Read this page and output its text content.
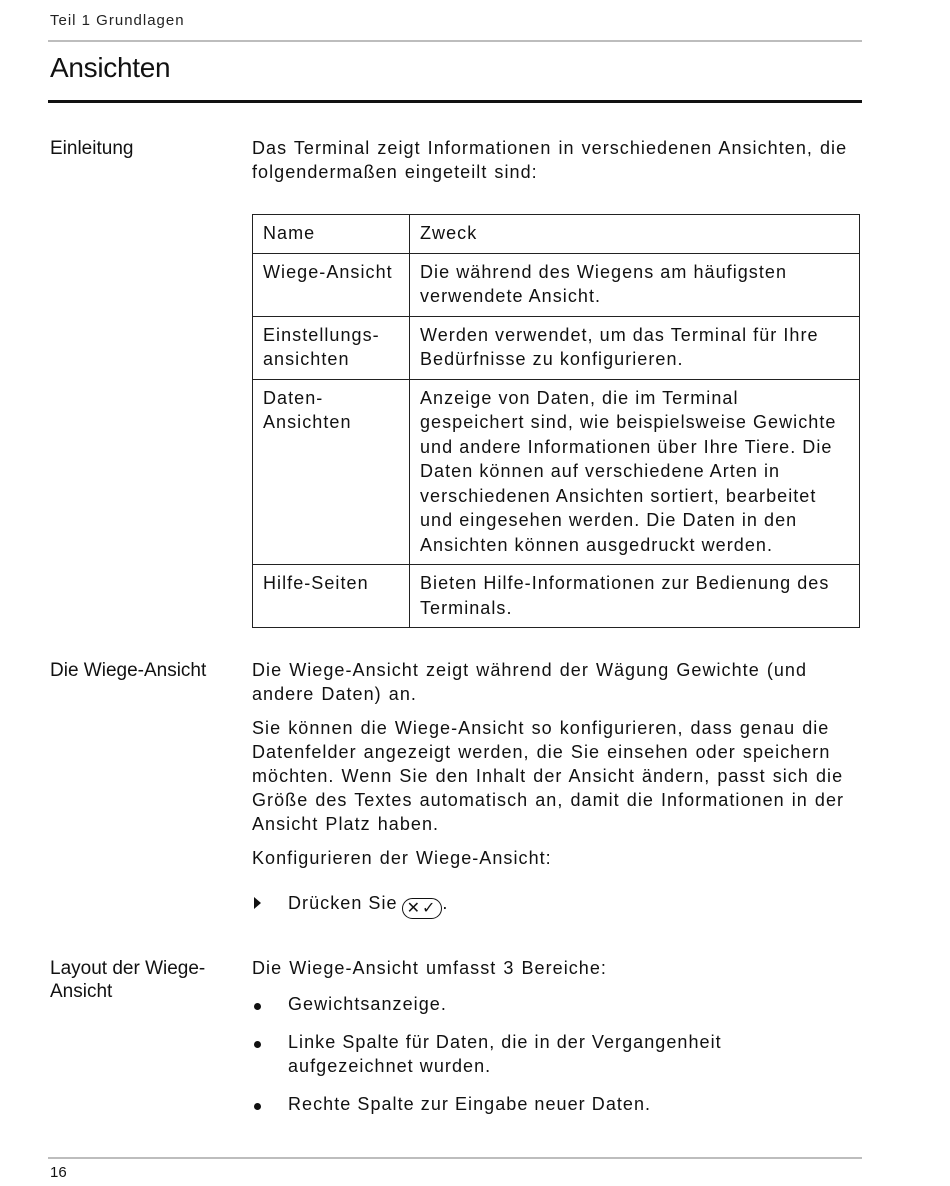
Teil 1 Grundlagen
Ansichten
Einleitung	Das Terminal zeigt Informationen in verschiedenen Ansichten, die folgendermaßen eingeteilt sind:

Name	Zweck
Wiege-Ansicht	Die während des Wiegens am häufigsten verwendete Ansicht.
Einstellungs-ansichten	Werden verwendet, um das Terminal für Ihre Bedürfnisse zu konfigurieren.
Daten-Ansichten	Anzeige von Daten, die im Terminal gespeichert sind, wie beispielsweise Gewichte und andere Informationen über Ihre Tiere. Die Daten können auf verschiedene Arten in verschiedenen Ansichten sortiert, bearbeitet und eingesehen werden. Die Daten in den Ansichten können ausgedruckt werden.
Hilfe-Seiten	Bieten Hilfe-Informationen zur Bedienung des Terminals.
Die Wiege-Ansicht	Die Wiege-Ansicht zeigt während der Wägung Gewichte (und andere Daten) an.

Sie können die Wiege-Ansicht so konfigurieren, dass genau die Datenfelder angezeigt werden, die Sie einsehen oder speichern möchten. Wenn Sie den Inhalt der Ansicht ändern, passt sich die Größe des Textes automatisch an, damit die Informationen in der Ansicht Platz haben.

Konfigurieren der Wiege-Ansicht:

Drücken Sie ✕✓ .
Layout der Wiege-Ansicht

Die Wiege-Ansicht umfasst 3 Bereiche:

Gewichtsanzeige.
Linke Spalte für Daten, die in der Vergangenheit aufgezeichnet wurden.
Rechte Spalte zur Eingabe neuer Daten.
16
